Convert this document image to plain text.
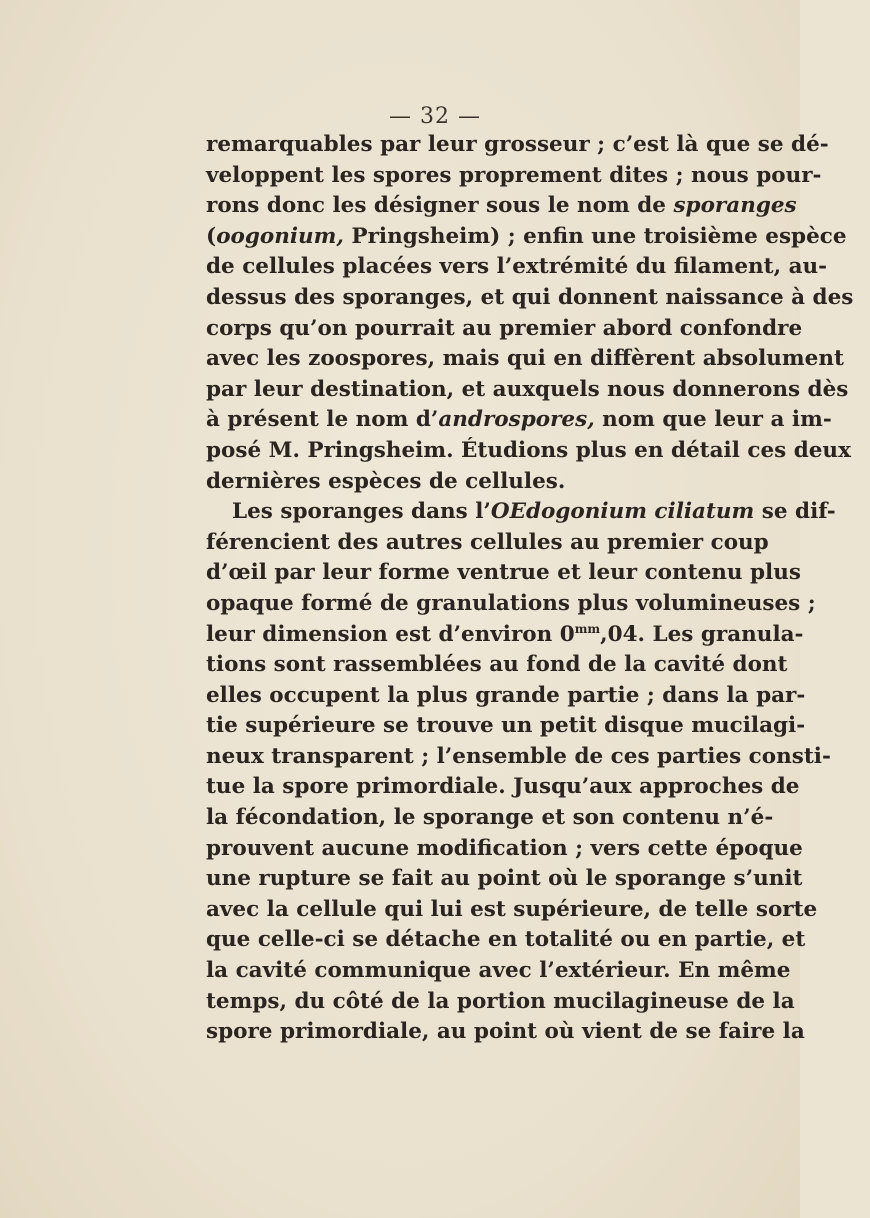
— 32 —
remarquables par leur grosseur ; c’est là que se dé-
veloppent les spores proprement dites ; nous pour-
rons donc les désigner sous le nom de sporanges
(oogonium, Pringsheim) ; enfin une troisième espèce
de cellules placées vers l’extrémité du filament, au-
dessus des sporanges, et qui donnent naissance à des
corps qu’on pourrait au premier abord confondre
avec les zoospores, mais qui en diffèrent absolument
par leur destination, et auxquels nous donnerons dès
à présent le nom d’androspores, nom que leur a im-
posé M. Pringsheim. Étudions plus en détail ces deux
dernières espèces de cellules.
Les sporanges dans l’OEdogonium ciliatum se dif-
férencient des autres cellules au premier coup
d’œil par leur forme ventrue et leur contenu plus
opaque formé de granulations plus volumineuses ;
leur dimension est d’environ $0^{mm},04$. Les granula-
tions sont rassemblées au fond de la cavité dont
elles occupent la plus grande partie ; dans la par-
tie supérieure se trouve un petit disque mucilagi-
neux transparent ; l’ensemble de ces parties consti-
tue la spore primordiale. Jusqu’aux approches de
la fécondation, le sporange et son contenu n’é-
prouvent aucune modification ; vers cette époque
une rupture se fait au point où le sporange s’unit
avec la cellule qui lui est supérieure, de telle sorte
que celle-ci se détache en totalité ou en partie, et
la cavité communique avec l’extérieur. En même
temps, du côté de la portion mucilagineuse de la
spore primordiale, au point où vient de se faire la
